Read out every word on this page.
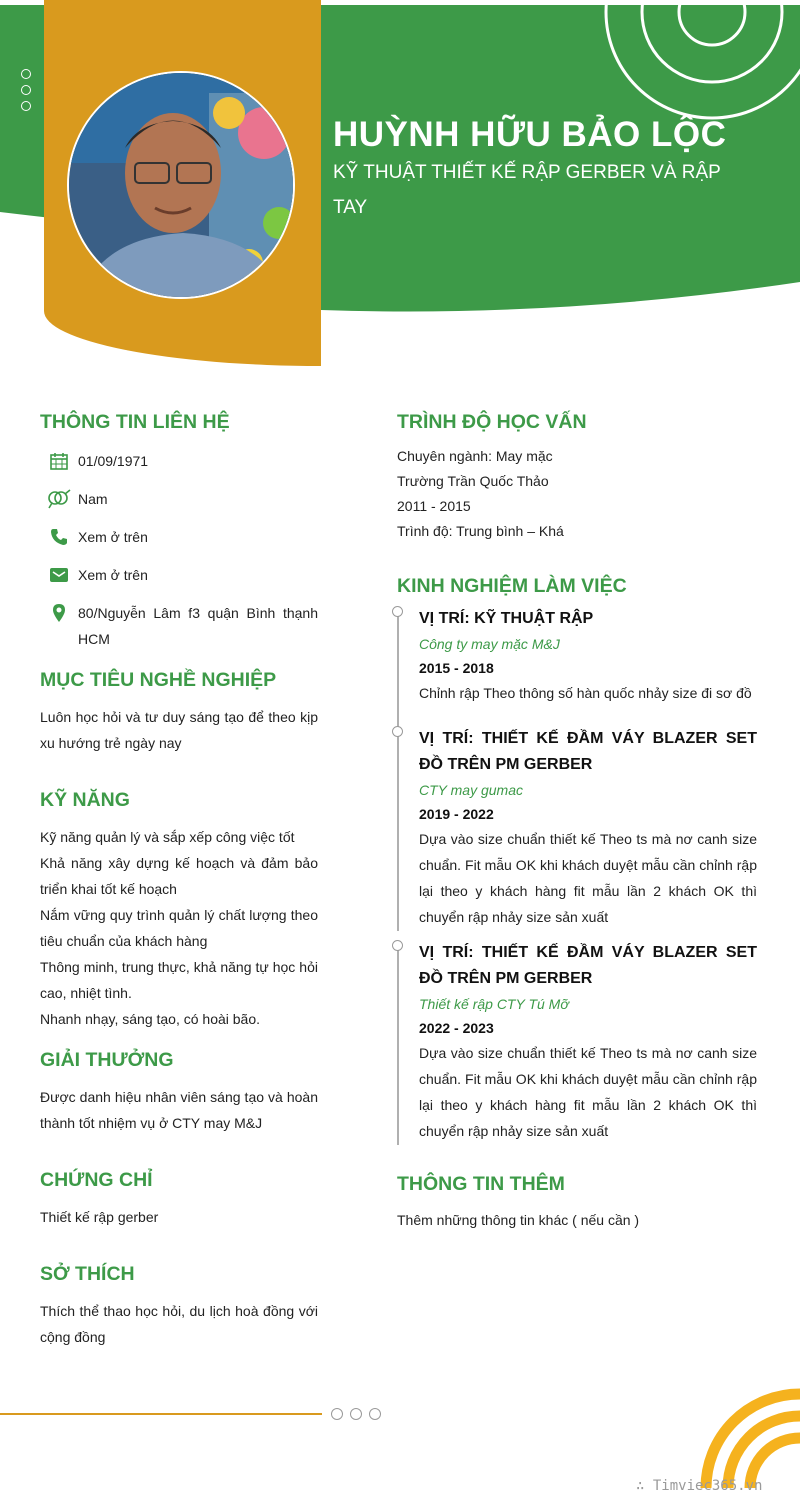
HUỲNH HỮU BẢO LỘC
KỸ THUẬT THIẾT KẾ RẬP GERBER VÀ RẬP TAY
THÔNG TIN LIÊN HỆ
01/09/1971
Nam
Xem ở trên
Xem ở trên
80/Nguyễn Lâm f3 quận Bình thạnh HCM
MỤC TIÊU NGHỀ NGHIỆP
Luôn học hỏi và tư duy sáng tạo để theo kịp xu hướng trẻ ngày nay
KỸ NĂNG
Kỹ năng quản lý và sắp xếp công việc tốt
Khả năng xây dựng kế hoạch và đảm bảo triển khai tốt kế hoạch
Nắm vững quy trình quản lý chất lượng theo tiêu chuẩn của khách hàng
Thông minh, trung thực, khả năng tự học hỏi cao, nhiệt tình.
Nhanh nhạy, sáng tạo, có hoài bão.
GIẢI THƯỞNG
Được danh hiệu nhân viên sáng tạo và hoàn thành tốt nhiệm vụ ở CTY may M&J
CHỨNG CHỈ
Thiết kế rập gerber
SỞ THÍCH
Thích thể thao học hỏi, du lịch hoà đồng với cộng đồng
TRÌNH ĐỘ HỌC VẤN
Chuyên ngành: May mặc
Trường Trần Quốc Thảo
2011 - 2015
Trình độ: Trung bình – Khá
KINH NGHIỆM LÀM VIỆC
VỊ TRÍ: KỸ THUẬT RẬP
Công ty may mặc M&J
2015 - 2018
Chỉnh rập Theo thông số hàn quốc nhảy size đi sơ đồ
VỊ TRÍ: THIẾT KẾ ĐẦM VÁY BLAZER SET ĐỒ TRÊN PM GERBER
CTY may gumac
2019 - 2022
Dựa vào size chuẩn thiết kế Theo ts mà nơ canh size chuẩn. Fit mẫu OK khi khách duyệt mẫu cần chỉnh rập lại theo y khách hàng fit mẫu lần 2 khách OK thì chuyển rập nhảy size sản xuất
VỊ TRÍ: THIẾT KẾ ĐẦM VÁY BLAZER SET ĐỒ TRÊN PM GERBER
Thiết kế rập CTY Tú Mỡ
2022 - 2023
Dựa vào size chuẩn thiết kế Theo ts mà nơ canh size chuẩn. Fit mẫu OK khi khách duyệt mẫu cần chỉnh rập lại theo y khách hàng fit mẫu lần 2 khách OK thì chuyển rập nhảy size sản xuất
THÔNG TIN THÊM
Thêm những thông tin khác ( nếu cần )
∴ Timviec365.vn
